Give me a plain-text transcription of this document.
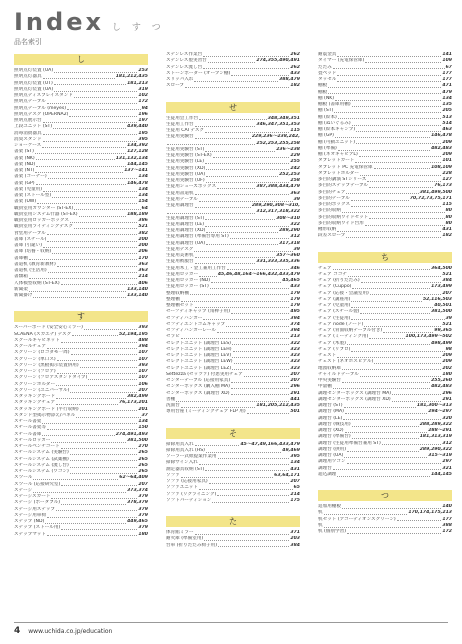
Index し す つ
品名索引
し
照明点灯装置 (UA)	253
照明点灯器具	181,212,435
照明点灯装置 (UT)	181,213
照明点灯装置 (UA)	319
照明点ディスプレイスタンド	102
照明点テーブル	172
照明点テーブル (meyes)	94
照明点デスク (OPERNA2)	196
照明点展示台	197
上段ユニット (ST)	439,440
消毒消費器具	195
消臭スタンド	395
ショーケース	134,392
書架 (ST)	127,128
書架 (NK)	131,132,134
書架 (ND)	144,145
書架 (NT)	137～141
書架 (コーナー)	134
書架 (GP)	146,478
書架 (児童用)	134
書架 (ストール型)	134
書架 (UW)	154
職員室用カウンター (ST-EX)	64
職員室用システム什器 (ST-EX)	188,189
職員室用ロッカーボックス	386
職員室用ライティングデスク	521
食堂用テーブル	382
書庫 (スチール)	200
書庫 (引違い)	200
書庫 (培養・収納)	206
書庫棚	170
書道机 (教育新教材)	363
書道机 (生活用)	363
書類箱	214
人体模型収納 (ST-EX)	406
新聞架	133,140
新聞掛け	133,140
す
スーパーボード (安全安心ミラー)	393
SCAENA (スカエナ) テスク	52,194,195
スクールキャビネット	488
スクールチェア	394
スクリーン (ロコダモ一周)	107
スクリーン (単口ス)	107
スクリーン (黒板掲示装置併用)	393
スクリーン (フロア)	107
スクリーン (フロアスタンドタイプ)	107
スクリーンホルダー	106
スクリーン (ユニバーサル)	207
スタッキングボード	382,499
スタッキングチェア	76,173,201
スタッキングボード (平行収納)	201
スタンド型掲示物添え/パネル	37
スチール書架	134
スチール書架等	150
スチール書庫	274,491,493
スチールロッカー	381,500
スチールベンチコート	270
スチールシステム (実験台)	265
スチールシステム (試薬棚)	265
スチールシステム (流し台)	265
スチールシステム (ワゴン)	265
スツール	62～64,409
スツール (応接研究室)	207
ステージ	373,374
ステージスカート	379
ステージ (ポータブル)	378,379
ステージ用ステップ	379
ステージ用車椅	379
ステップ (ND)	449,465
ステップ (ストール用)	379
ステップマット	180
ステンレス作業台	262
ステンレス製実習台	274,355,490,491
ステンレス流し台	262
ストーンボーダー (オープン棚)	433
スリッパ入れ	388,479
スロープ	182
せ
生徒用会工作台	348,349,351
生徒用工作台	346,347,351,353
生徒用 CAI デスク	115
生徒用実験台	229,236～238,242,
252,253,255,258
生徒用実験台 (ST)	236～238
生徒用実験台 (ST-EX)	229
生徒用実験台 (LE)	255
生徒用実験台 (XD)	242
生徒用実験台 (UA)	252,253
生徒用実験台 (UF)	258
生徒用シューズボックス	387,388,434,479
生徒用書道机	363
生徒用テーブル	39
生徒用調理台	289,290,308～310,
312,317,318,322
生徒用調理台 (ST)	308～310
生徒用調理台 (LE)	322
生徒用調理台 (XD)	289,290
生徒用調理台 (準備台専用 ST)	312
生徒用調理台 (UA)	317,318
生徒用デスク	39
生徒用美術机	357～360
生徒用被服台	331,333,335,336
生徒用木工・金工兼用工作台	346
生徒用ロッカー	45,46,48,164～166,432,433,479
生徒用ロッカー (ND)	45,465
生徒用ロッカー (ST)	433
整理収納棚	179
整理棚	179
整理棚セット	179
セーフティキャップ (角棒子用)	495
セフティハンガー	394
セフティエントコムキャップ	374
セフティハンガーレール	394
セラピ	213
セレクトユニット (調理台 LES)	322
セレクトユニット (調理台 LEH)	323
セレクトユニット (調理台 LEV)	323
セレクトユニット (調理台 LEW)	323
セレクトユニット (調理台 LEZ)	323
Settezza (セッツァ) 付患実用チェア	207
センターテーブル (応接用家具)	207
センターボックス (購入棚 MA)	296
センターボックス (調理台 XD)	291
善棚	441
洗面台	181,205,212,435
専用台座 (ミーティングチェア FLP 用)	501
そ
掃除用具入れ	45～47,49,166,433,479
掃除用具入れ (HS)	49,469
ソーラー式紙提案作業用	395
掃除サイン入れ	134
測定器具収納 (ST)	431
ソファ	63,64,171
ソファ (応接用家具)	207
ソファユニット	65
ソファ (リクライニング)	214
ソフトパーティション	175
た
体育館ミラー	371
耐火庫 (準備室用)	203
台車 (折りたたみ椅子用)	384
耐震金具	141
タイマー (充電保管庫)	109
たたみ	67
畳ベッド	177
タッセル	177
棚板	471
棚板	479
棚 (NK)	134
棚板 (書庫用棚)	135
棚 (ST)	205
棚 (絵本)	513
棚 (ぬいぐるみ)	514
棚 (絵本キャンプ)	463
棚 (GP)	146,478
棚 (可動ユニット)	209
棚 (準備)	482,483
棚 (ネオキャビアL)	209
タブレットカート	101
タブレット PC 充電保管庫	108,109
タブレットホルダー	228
多目的講演 STシリーズ	127
多目的ステップテーブル	76,173
多目的チェア	381,499,500
多目的テーブル	70,72,73,75,171
多目的ボックス	115
多目的収納	80
多目的収納ワイドセット	80
多目的収納ワイド台形	80
樽形収納	431
段差スロープ	182
ち
チェア	364,500
チェア ココナ	521
チェア (折りたたみ)	384
チェア (Cuppo)	173,499
チェア (応接・会議室用)	207
チェア (講座用)	52,116,503
チェア (児童用)	40,501
チェア (スチール製)	381,500
チェア (生徒用)	39
チェア node (ノード)	521
チェア (背面収納テーブル付き)	99,365
チェア (ミーティング用)	100,173,499～502
チェア (木製)	498,499
チェア (リブロ)	98
チェスト	209
チェスト (ネオホスピアル)	209
地図収納庫	202
チャイルドテーブル	180
中央実験台	255,260
中量棚	482,483
調理センターボックス (調理台 MA)	296
調理センターボックス (調理台 XD)	291
調理台 (ST)	181,300～313
調理台 (MA)	294～297
調理台 (LE)	320
調理台 (戦技用)	288,289,322
調理台 (XD)	288～291
調理台 (準備台)	181,313,319
調理台 (生徒用準備台兼用 ST)	312
調理台 (供用)	289,290,322
調理台 (UA)	315～319
調理用ワゴン	297
調理台	321
超込調理	144,145
つ
追加用棚板	140
机	170,174,175,213
机セット (アコーディオンスクリーン)	177
机	388
机 (個别学習)	172
4 www.uchida.co.jp/education
